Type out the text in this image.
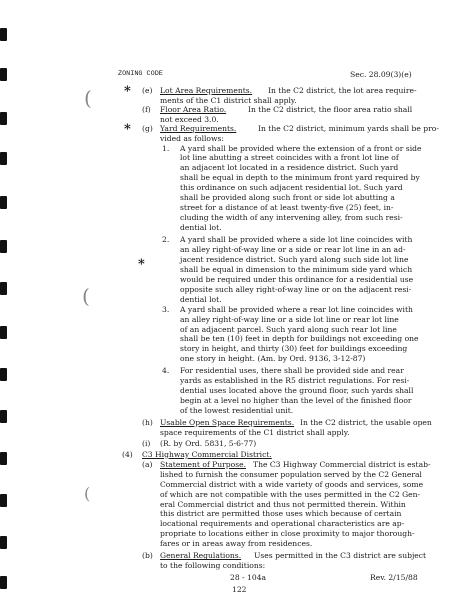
(
(
(
ZONING CODE	Sec. 28.09(3)(e)
* (e) Lot Area Requirements. In the C2 district, the lot area require-
ments of the C1 district shall apply.
(f) Floor Area Ratio.	In the C2 district, the floor area ratio shall
not exceed 3.0.
* (g) Yard Requirements.	In the C2 district, minimum yards shall be pro-
vided as follows:
1. A yard shall be provided where the extension of a front or side
lot line abutting a street coincides with a front lot line of
an adjacent lot located in a residence district. Such yard
shall be equal in depth to the minimum front yard required by
this ordinance on such adjacent residential lot. Such yard
shall be provided along such front or side lot abutting a
street for a distance of at least twenty-five (25) feet, in-
cluding the width of any intervening alley, from such resi-
dential lot.
2. A yard shall be provided where a side lot line coincides with
an alley right-of-way line or a side or rear lot line in an ad-
jacent residence district. Such yard along such side lot line
shall be equal in dimension to the minimum side yard which
would be required under this ordinance for a residential use
opposite such alley right-of-way line or on the adjacent resi-
dential lot.
*
3. A yard shall be provided where a rear lot line coincides with
an alley right-of-way line or a side lot line or rear lot line
of an adjacent parcel. Such yard along such rear lot line
shall be ten (10) feet in depth for buildings not exceeding one
story in height, and thirty (30) feet for buildings exceeding
one story in height. (Am. by Ord. 9136, 3-12-87)
4. For residential uses, there shall be provided side and rear
yards as established in the R5 district regulations. For resi-
dential uses located above the ground floor, such yards shall
begin at a level no higher than the level of the finished floor
of the lowest residential unit.
(h) Usable Open Space Requirements. In the C2 district, the usable open
space requirements of the C1 district shall apply.
(i) (R. by Ord. 5831, 5-6-77)
(4) C3 Highway Commercial District.
(a) Statement of Purpose. The C3 Highway Commercial district is estab-
lished to furnish the consumer population served by the C2 General
Commercial district with a wide variety of goods and services, some
of which are not compatible with the uses permitted in the C2 Gen-
eral Commercial district and thus not permitted therein. Within
this district are permitted those uses which because of certain
locational requirements and operational characteristics are ap-
propriate to locations either in close proximity to major thorough-
fares or in areas away from residences.
(b) General Regulations. Uses permitted in the C3 district are subject
to the following conditions:
28 - 104a	Rev. 2/15/88
122
